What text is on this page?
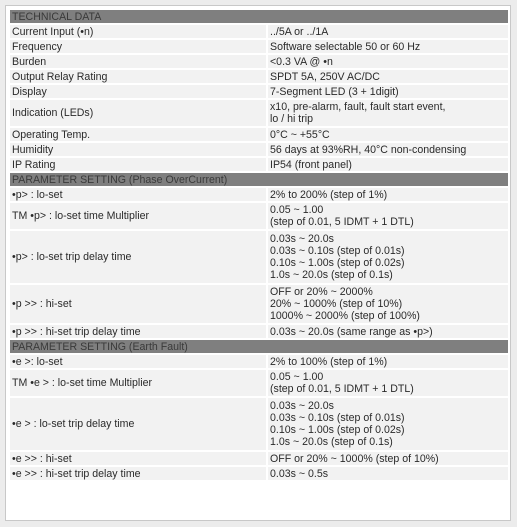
TECHNICAL DATA	
Current Input (•n)	../5A or ../1A

Frequency	Software selectable 50 or 60 Hz

Burden	<0.3 VA @ •n

Output Relay Rating	SPDT 5A, 250V AC/DC

Display	7-Segment LED (3 + 1digit)

Indication (LEDs)	x10, pre-alarm, fault, fault start event,
lo / hi trip

Operating Temp.	0°C ~ +55°C

Humidity	56 days at 93%RH, 40°C non-condensing

IP Rating	IP54 (front panel)

PARAMETER SETTING (Phase OverCurrent)	
•p> : lo-set	2% to 200% (step of 1%)

TM •p> : lo-set time Multiplier	0.05 ~ 1.00
(step of 0.01, 5 IDMT + 1 DTL)

•p> : lo-set trip delay time	0.03s ~ 20.0s
0.03s ~ 0.10s (step of 0.01s)
0.10s ~ 1.00s (step of 0.02s)
1.0s ~ 20.0s (step of 0.1s)

•p >> : hi-set	OFF or 20% ~ 2000%
20% ~ 1000% (step of 10%)
1000% ~ 2000% (step of 100%)

•p >> : hi-set trip delay time	0.03s ~ 20.0s (same range as •p>)

PARAMETER SETTING (Earth Fault)	
•e >: lo-set	2% to 100% (step of 1%)

TM •e > : lo-set time Multiplier	0.05 ~ 1.00
(step of 0.01, 5 IDMT + 1 DTL)

•e > : lo-set trip delay time	0.03s ~ 20.0s
0.03s ~ 0.10s (step of 0.01s)
0.10s ~ 1.00s (step of 0.02s)
1.0s ~ 20.0s (step of 0.1s)

•e >> : hi-set	OFF or 20% ~ 1000% (step of 10%)

•e >> : hi-set trip delay time	0.03s ~ 0.5s
